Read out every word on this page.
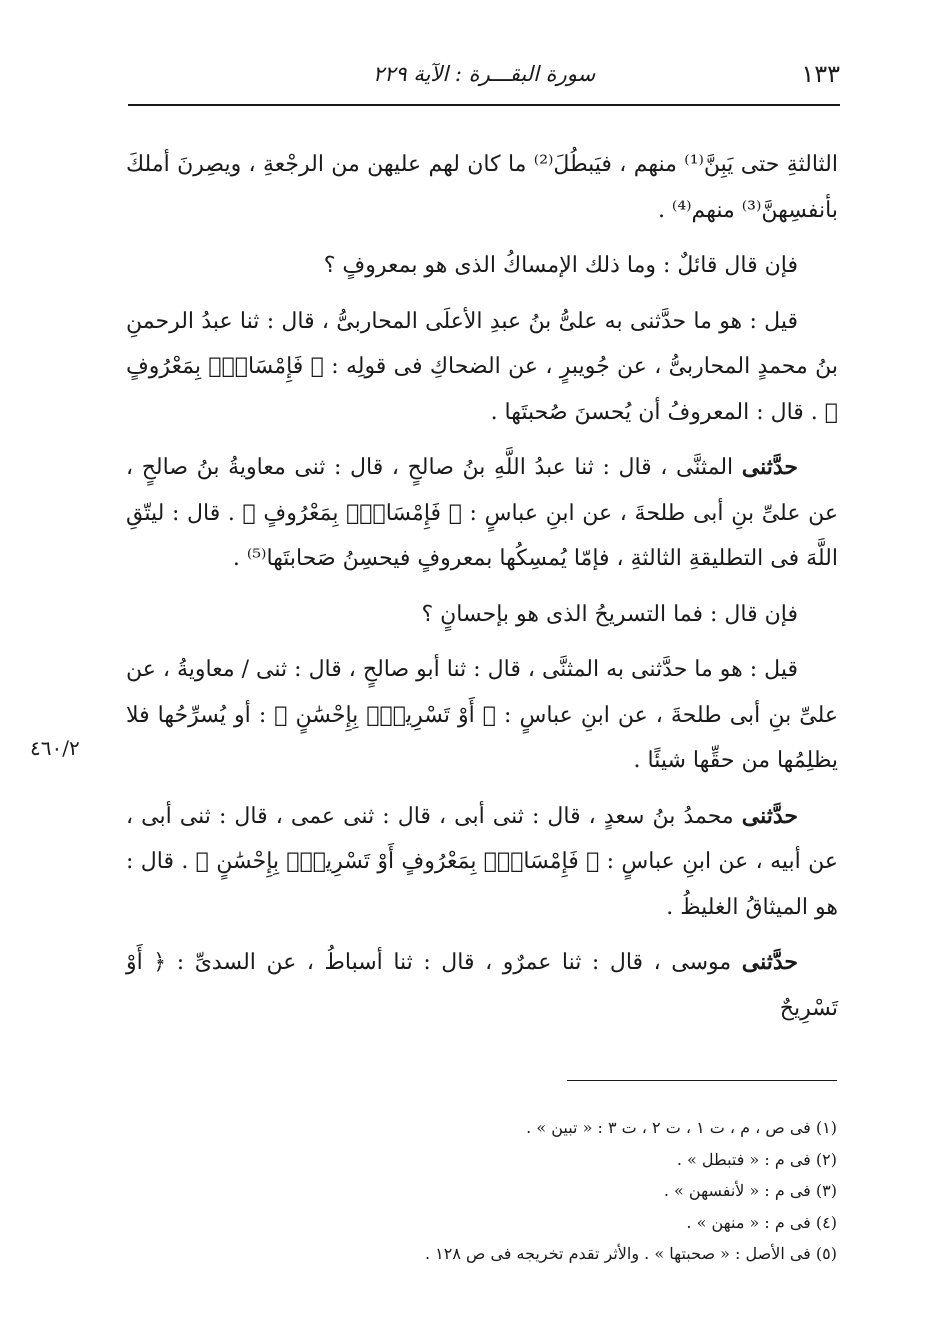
١٣٣
سورة البقـــرة : الآية ٢٢٩

الثالثةِ حتى يَبِنَّ⁽¹⁾ منهم ، فيَبطُلَ⁽²⁾ ما كان لهم عليهن من الرجْعةِ ، ويصِرنَ أملكَ بأنفسِهنَّ⁽³⁾ منهم⁽⁴⁾ .

فإن قال قائلٌ : وما ذلك الإمساكُ الذى هو بمعروفٍ ؟

قيل : هو ما حدَّثنى به علىُّ بنُ عبدِ الأعلَى المحاربىُّ ، قال : ثنا عبدُ الرحمنِ بنُ محمدٍ المحاربىُّ ، عن جُويبرٍ ، عن الضحاكِ فى قولِه : ﴿ فَإِمْسَاكٌۢ بِمَعْرُوفٍ ﴾ . قال : المعروفُ أن يُحسنَ صُحبتَها .

حدَّثنى المثنَّى ، قال : ثنا عبدُ اللَّهِ بنُ صالحٍ ، قال : ثنى معاويةُ بنُ صالحٍ ، عن علىِّ بنِ أبى طلحةَ ، عن ابنِ عباسٍ : ﴿ فَإِمْسَاكٌۢ بِمَعْرُوفٍ ﴾ . قال : ليتّقِ اللَّهَ فى التطليقةِ الثالثةِ ، فإمّا يُمسِكُها بمعروفٍ فيحسِنُ صَحابتَها⁽⁵⁾ .

فإن قال : فما التسريحُ الذى هو بإحسانٍ ؟

قيل : هو ما حدَّثنى به المثنَّى ، قال : ثنا أبو صالحٍ ، قال : ثنى / معاويةُ ، عن علىِّ بنِ أبى طلحةَ ، عن ابنِ عباسٍ : ﴿ أَوْ تَسْرِيحٌۢ بِإِحْسَٰنٍ ﴾ : أو يُسرِّحُها فلا يظلِمُها من حقِّها شيئًا .

حدَّثنى محمدُ بنُ سعدٍ ، قال : ثنى أبى ، قال : ثنى عمى ، قال : ثنى أبى ، عن أبيه ، عن ابنِ عباسٍ : ﴿ فَإِمْسَاكٌۢ بِمَعْرُوفٍ أَوْ تَسْرِيحٌۢ بِإِحْسَٰنٍ ﴾ . قال : هو الميثاقُ الغليظُ .

حدَّثنى موسى ، قال : ثنا عمرٌو ، قال : ثنا أسباطُ ، عن السدىِّ : ﴿ أَوْ تَسْرِيحٌ

٤٦٠/٢

(١) فى ص ، م ، ت ١ ، ت ٢ ، ت ٣ : « تبين » .

(٢) فى م : « فتبطل » .

(٣) فى م : « لأنفسهن » .

(٤) فى م : « منهن » .

(٥) فى الأصل : « صحبتها » . والأثر تقدم تخريجه فى ص ١٢٨ .
